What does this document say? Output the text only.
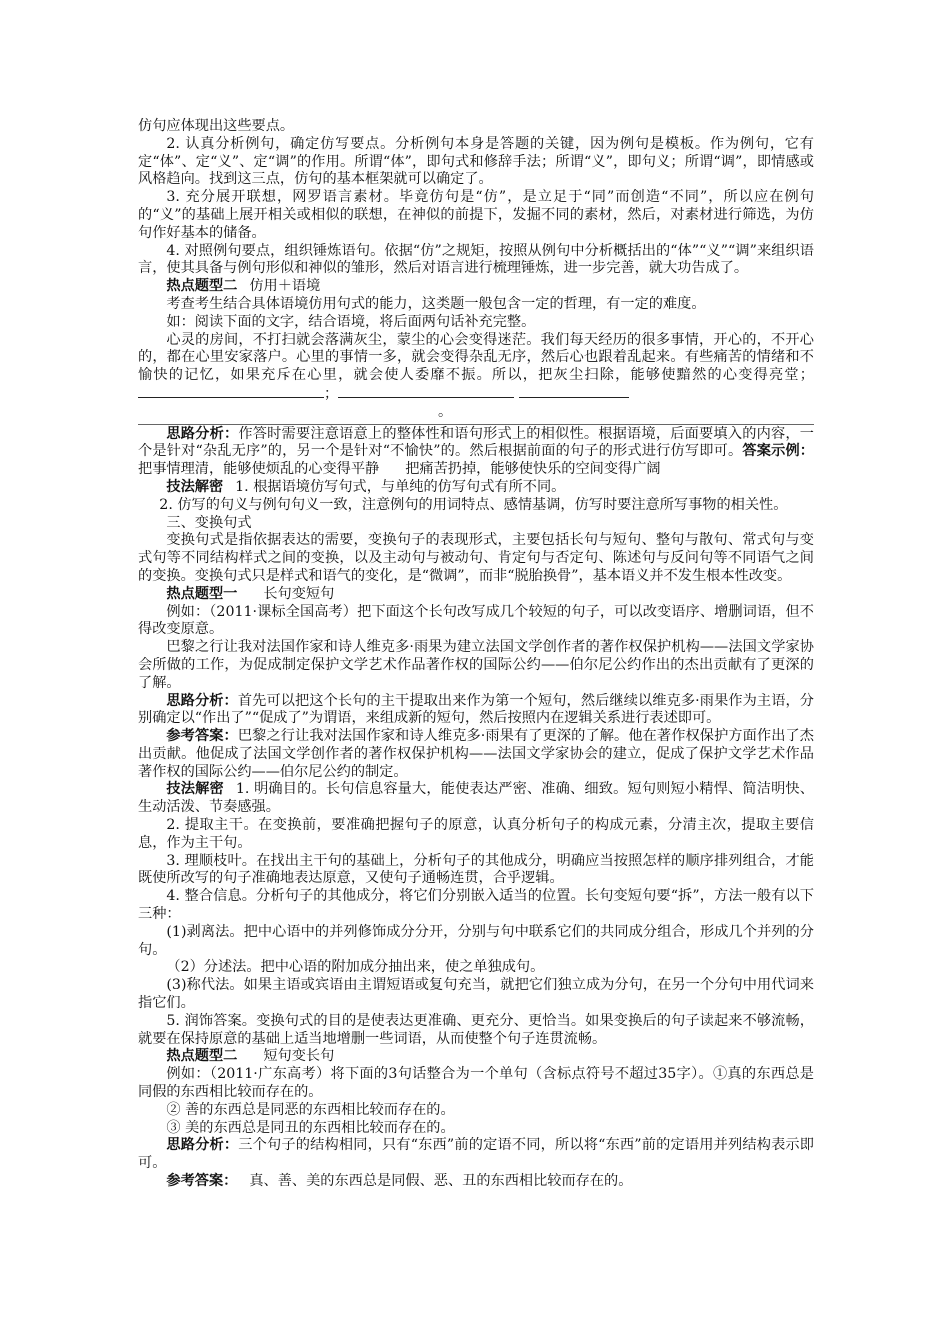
仿句应体现出这些要点。

2. 认真分析例句，确定仿写要点。分析例句本身是答题的关键，因为例句是模板。作为例句，它有定“体”、定“义”、定“调”的作用。所谓“体”，即句式和修辞手法；所谓“义”，即句义；所谓“调”，即情感或风格趋向。找到这三点，仿句的基本框架就可以确定了。

3. 充分展开联想，网罗语言素材。毕竟仿句是“仿”，是立足于“同”而创造“不同”，所以应在例句的“义”的基础上展开相关或相似的联想，在神似的前提下，发掘不同的素材，然后，对素材进行筛选，为仿句作好基本的储备。

4. 对照例句要点，组织锤炼语句。依据“仿”之规矩，按照从例句中分析概括出的“体”“义”“调”来组织语言，使其具备与例句形似和神似的雏形，然后对语言进行梳理锤炼，进一步完善，就大功告成了。

热点题型二 仿用＋语境

考查考生结合具体语境仿用句式的能力，这类题一般包含一定的哲理，有一定的难度。

如：阅读下面的文字，结合语境，将后面两句话补充完整。

心灵的房间，不打扫就会落满灰尘，蒙尘的心会变得迷茫。我们每天经历的很多事情，开心的，不开心的，都在心里安家落户。心里的事情一多，就会变得杂乱无序，然后心也跟着乱起来。有些痛苦的情绪和不愉快的记忆，如果充斥在心里，就会使人委靡不振。所以，把灰尘扫除，能够使黯然的心变得亮堂；；

。

思路分析：作答时需要注意语意上的整体性和语句形式上的相似性。根据语境，后面要填入的内容，一个是针对“杂乱无序”的，另一个是针对“不愉快”的。然后根据前面的句子的形式进行仿写即可。答案示例：把事情理清，能够使烦乱的心变得平静 把痛苦扔掉，能够使快乐的空间变得广阔

技法解密 1. 根据语境仿写句式，与单纯的仿写句式有所不同。

2. 仿写的句义与例句句义一致，注意例句的用词特点、感情基调，仿写时要注意所写事物的相关性。

三、变换句式

变换句式是指依据表达的需要，变换句子的表现形式，主要包括长句与短句、整句与散句、常式句与变式句等不同结构样式之间的变换，以及主动句与被动句、肯定句与否定句、陈述句与反问句等不同语气之间的变换。变换句式只是样式和语气的变化，是“微调”，而非“脱胎换骨”，基本语义并不发生根本性改变。

热点题型一 长句变短句

例如：（2011·课标全国高考）把下面这个长句改写成几个较短的句子，可以改变语序、增删词语，但不得改变原意。

巴黎之行让我对法国作家和诗人维克多·雨果为建立法国文学创作者的著作权保护机构——法国文学家协会所做的工作，为促成制定保护文学艺术作品著作权的国际公约——伯尔尼公约作出的杰出贡献有了更深的了解。

思路分析：首先可以把这个长句的主干提取出来作为第一个短句，然后继续以维克多·雨果作为主语，分别确定以“作出了”“促成了”为谓语，来组成新的短句，然后按照内在逻辑关系进行表述即可。

参考答案：巴黎之行让我对法国作家和诗人维克多·雨果有了更深的了解。他在著作权保护方面作出了杰出贡献。他促成了法国文学创作者的著作权保护机构——法国文学家协会的建立，促成了保护文学艺术作品著作权的国际公约——伯尔尼公约的制定。

技法解密 1. 明确目的。长句信息容量大，能使表达严密、准确、细致。短句则短小精悍、简洁明快、生动活泼、节奏感强。

2. 提取主干。在变换前，要准确把握句子的原意，认真分析句子的构成元素，分清主次，提取主要信息，作为主干句。

3. 理顺枝叶。在找出主干句的基础上，分析句子的其他成分，明确应当按照怎样的顺序排列组合，才能既使所改写的句子准确地表达原意，又使句子通畅连贯，合乎逻辑。

4. 整合信息。分析句子的其他成分，将它们分别嵌入适当的位置。长句变短句要“拆”，方法一般有以下三种：

(1)剥离法。把中心语中的并列修饰成分分开，分别与句中联系它们的共同成分组合，形成几个并列的分句。

（2）分述法。把中心语的附加成分抽出来，使之单独成句。

(3)称代法。如果主语或宾语由主谓短语或复句充当，就把它们独立成为分句，在另一个分句中用代词来指它们。

5. 润饰答案。变换句式的目的是使表达更准确、更充分、更恰当。如果变换后的句子读起来不够流畅，就要在保持原意的基础上适当地增删一些词语，从而使整个句子连贯流畅。

热点题型二 短句变长句

例如：（2011·广东高考）将下面的3句话整合为一个单句（含标点符号不超过35字）。①真的东西总是同假的东西相比较而存在的。

② 善的东西总是同恶的东西相比较而存在的。

③ 美的东西总是同丑的东西相比较而存在的。

思路分析：三个句子的结构相同，只有“东西”前的定语不同，所以将“东西”前的定语用并列结构表示即可。

参考答案： 真、善、美的东西总是同假、恶、丑的东西相比较而存在的。
